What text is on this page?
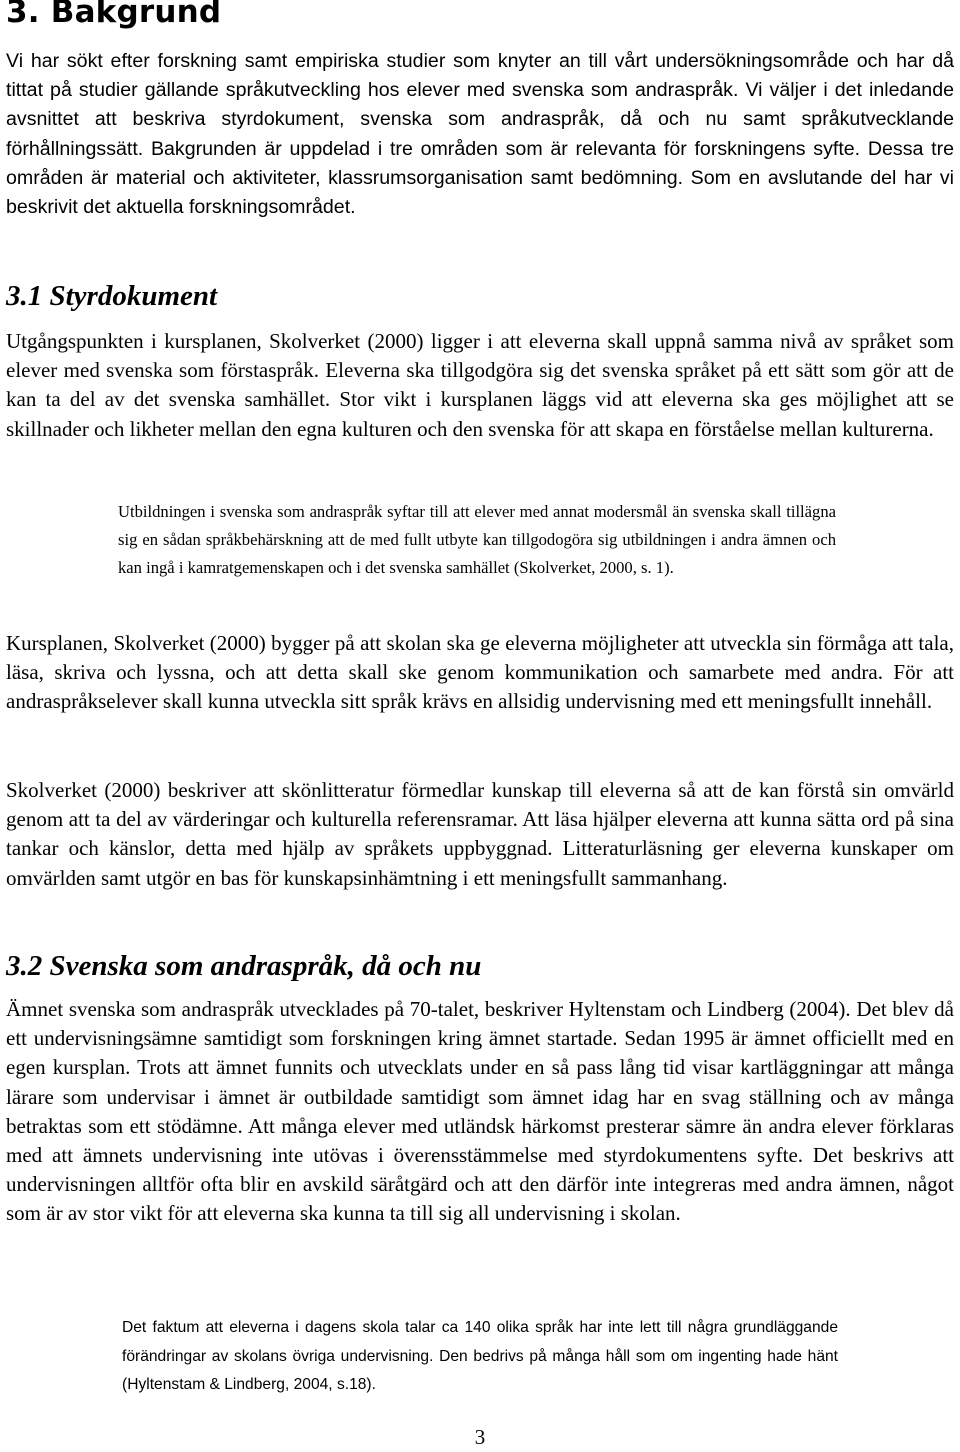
3. Bakgrund

Vi har sökt efter forskning samt empiriska studier som knyter an till vårt undersökningsområde och har då tittat på studier gällande språkutveckling hos elever med svenska som andraspråk. Vi väljer i det inledande avsnittet att beskriva styrdokument, svenska som andraspråk, då och nu samt språkutvecklande förhållningssätt. Bakgrunden är uppdelad i tre områden som är relevanta för forskningens syfte. Dessa tre områden är material och aktiviteter, klassrumsorganisation samt bedömning. Som en avslutande del har vi beskrivit det aktuella forskningsområdet.

3.1 Styrdokument

Utgångspunkten i kursplanen, Skolverket (2000) ligger i att eleverna skall uppnå samma nivå av språket som elever med svenska som förstaspråk. Eleverna ska tillgodgöra sig det svenska språket på ett sätt som gör att de kan ta del av det svenska samhället. Stor vikt i kursplanen läggs vid att eleverna ska ges möjlighet att se skillnader och likheter mellan den egna kulturen och den svenska för att skapa en förståelse mellan kulturerna.

Utbildningen i svenska som andraspråk syftar till att elever med annat modersmål än svenska skall tillägna sig en sådan språkbehärskning att de med fullt utbyte kan tillgodogöra sig utbildningen i andra ämnen och kan ingå i kamratgemenskapen och i det svenska samhället (Skolverket, 2000, s. 1).

Kursplanen, Skolverket (2000) bygger på att skolan ska ge eleverna möjligheter att utveckla sin förmåga att tala, läsa, skriva och lyssna, och att detta skall ske genom kommunikation och samarbete med andra. För att andraspråkselever skall kunna utveckla sitt språk krävs en allsidig undervisning med ett meningsfullt innehåll.

Skolverket (2000) beskriver att skönlitteratur förmedlar kunskap till eleverna så att de kan förstå sin omvärld genom att ta del av värderingar och kulturella referensramar. Att läsa hjälper eleverna att kunna sätta ord på sina tankar och känslor, detta med hjälp av språkets uppbyggnad. Litteraturläsning ger eleverna kunskaper om omvärlden samt utgör en bas för kunskapsinhämtning i ett meningsfullt sammanhang.

3.2 Svenska som andraspråk, då och nu

Ämnet svenska som andraspråk utvecklades på 70-talet, beskriver Hyltenstam och Lindberg (2004). Det blev då ett undervisningsämne samtidigt som forskningen kring ämnet startade. Sedan 1995 är ämnet officiellt med en egen kursplan. Trots att ämnet funnits och utvecklats under en så pass lång tid visar kartläggningar att många lärare som undervisar i ämnet är outbildade samtidigt som ämnet idag har en svag ställning och av många betraktas som ett stödämne. Att många elever med utländsk härkomst presterar sämre än andra elever förklaras med att ämnets undervisning inte utövas i överensstämmelse med styrdokumentens syfte. Det beskrivs att undervisningen alltför ofta blir en avskild säråtgärd och att den därför inte integreras med andra ämnen, något som är av stor vikt för att eleverna ska kunna ta till sig all undervisning i skolan.

Det faktum att eleverna i dagens skola talar ca 140 olika språk har inte lett till några grundläggande förändringar av skolans övriga undervisning. Den bedrivs på många håll som om ingenting hade hänt (Hyltenstam & Lindberg, 2004, s.18).
3
